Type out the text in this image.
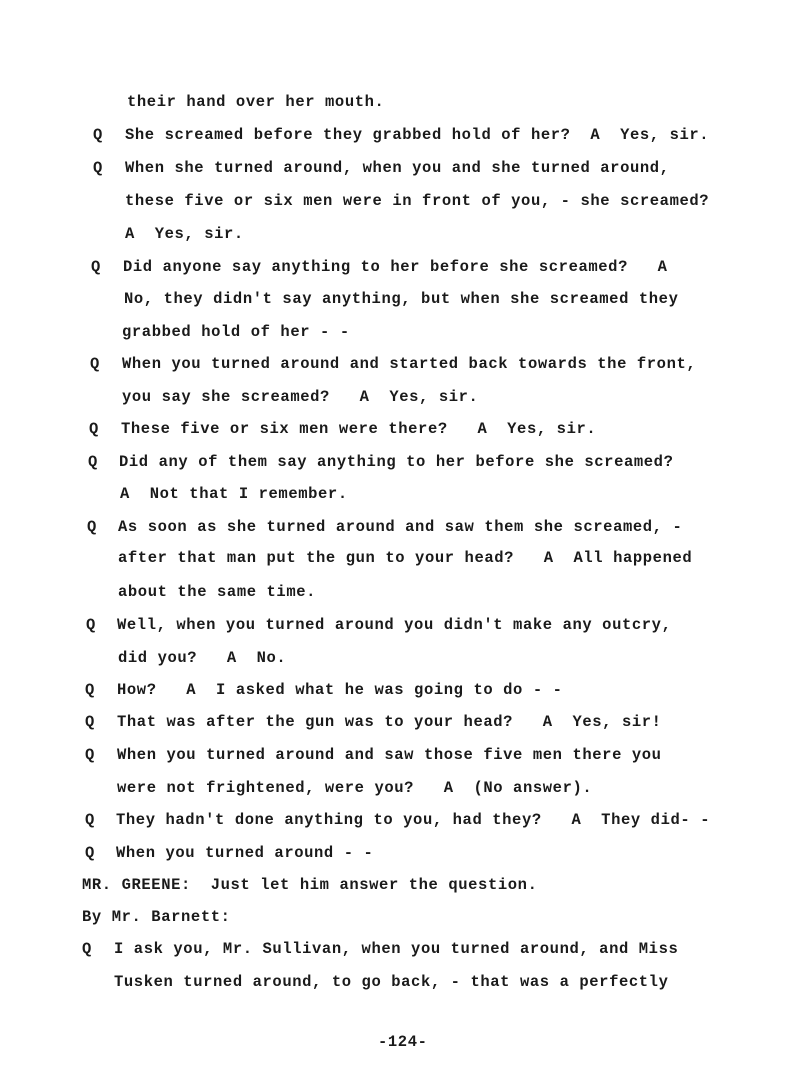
their hand over her mouth.
Q She screamed before they grabbed hold of her?  A  Yes, sir.
Q When she turned around, when you and she turned around,
these five or six men were in front of you, - she screamed?
A  Yes, sir.
Q Did anyone say anything to her before she screamed?   A
No, they didn't say anything, but when she screamed they
grabbed hold of her - -
Q When you turned around and started back towards the front,
you say she screamed?   A  Yes, sir.
Q These five or six men were there?   A  Yes, sir.
Q Did any of them say anything to her before she screamed?
A  Not that I remember.
Q As soon as she turned around and saw them she screamed, -
after that man put the gun to your head?   A  All happened
about the same time.
Q Well, when you turned around you didn't make any outcry,
did you?   A  No.
Q How?   A  I asked what he was going to do - -
Q That was after the gun was to your head?   A  Yes, sir!
Q When you turned around and saw those five men there you
were not frightened, were you?   A  (No answer).
Q They hadn't done anything to you, had they?   A  They did- -
Q When you turned around - -
MR. GREENE:  Just let him answer the question.
By Mr. Barnett:
Q I ask you, Mr. Sullivan, when you turned around, and Miss
Tusken turned around, to go back, - that was a perfectly
-124-
